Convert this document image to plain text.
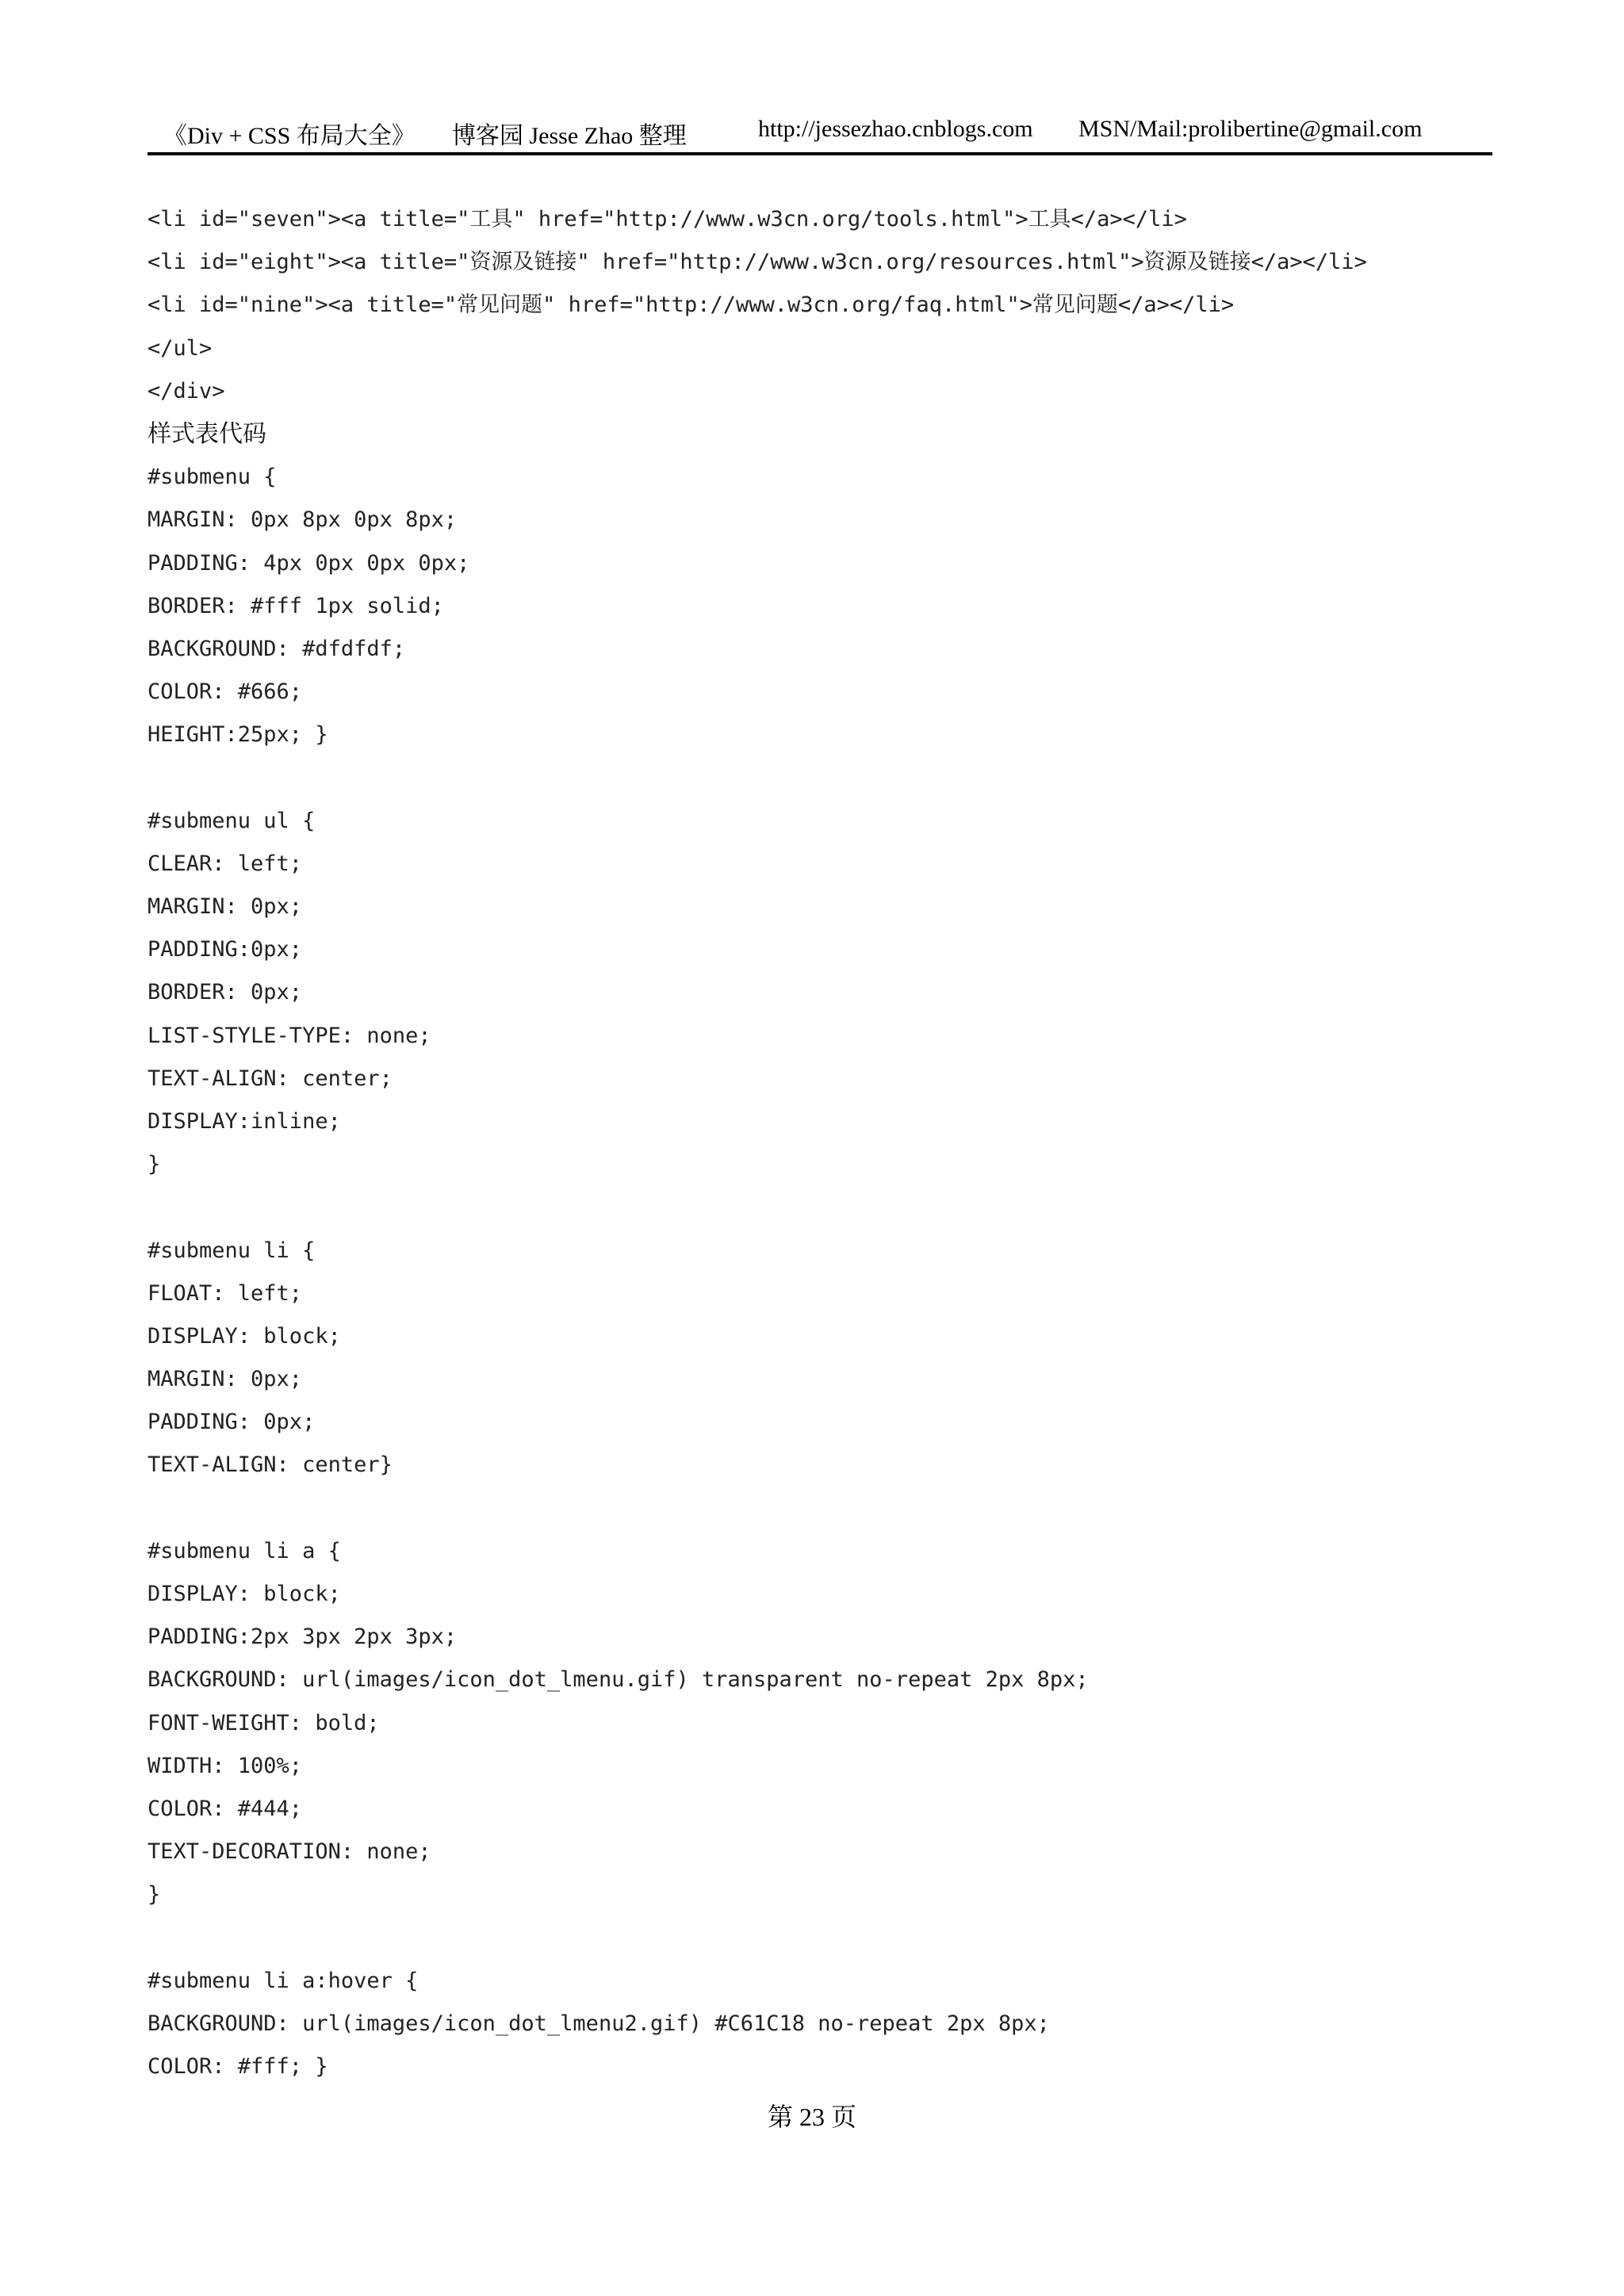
《Div + CSS 布局大全》 博客园 Jesse Zhao 整理	http://jessezhao.cnblogs.com MSN/Mail:prolibertine@gmail.com
<li id="seven"><a title="工具" href="http://www.w3cn.org/tools.html">工具</a></li>
<li id="eight"><a title="资源及链接" href="http://www.w3cn.org/resources.html">资源及链接</a></li>
<li id="nine"><a title="常见问题" href="http://www.w3cn.org/faq.html">常见问题</a></li>
</ul>
</div>
样式表代码
#submenu {
MARGIN: 0px 8px 0px 8px;
PADDING: 4px 0px 0px 0px;
BORDER: #fff 1px solid;
BACKGROUND: #dfdfdf;
COLOR: #666;
HEIGHT:25px; }
#submenu ul {
CLEAR: left;
MARGIN: 0px;
PADDING:0px;
BORDER: 0px;
LIST-STYLE-TYPE: none;
TEXT-ALIGN: center;
DISPLAY:inline;
}
#submenu li {
FLOAT: left;
DISPLAY: block;
MARGIN: 0px;
PADDING: 0px;
TEXT-ALIGN: center}
#submenu li a {
DISPLAY: block;
PADDING:2px 3px 2px 3px;
BACKGROUND: url(images/icon_dot_lmenu.gif) transparent no-repeat 2px 8px;
FONT-WEIGHT: bold;
WIDTH: 100%;
COLOR: #444;
TEXT-DECORATION: none;
}
#submenu li a:hover {
BACKGROUND: url(images/icon_dot_lmenu2.gif) #C61C18 no-repeat 2px 8px;
COLOR: #fff; }
第 23 页
